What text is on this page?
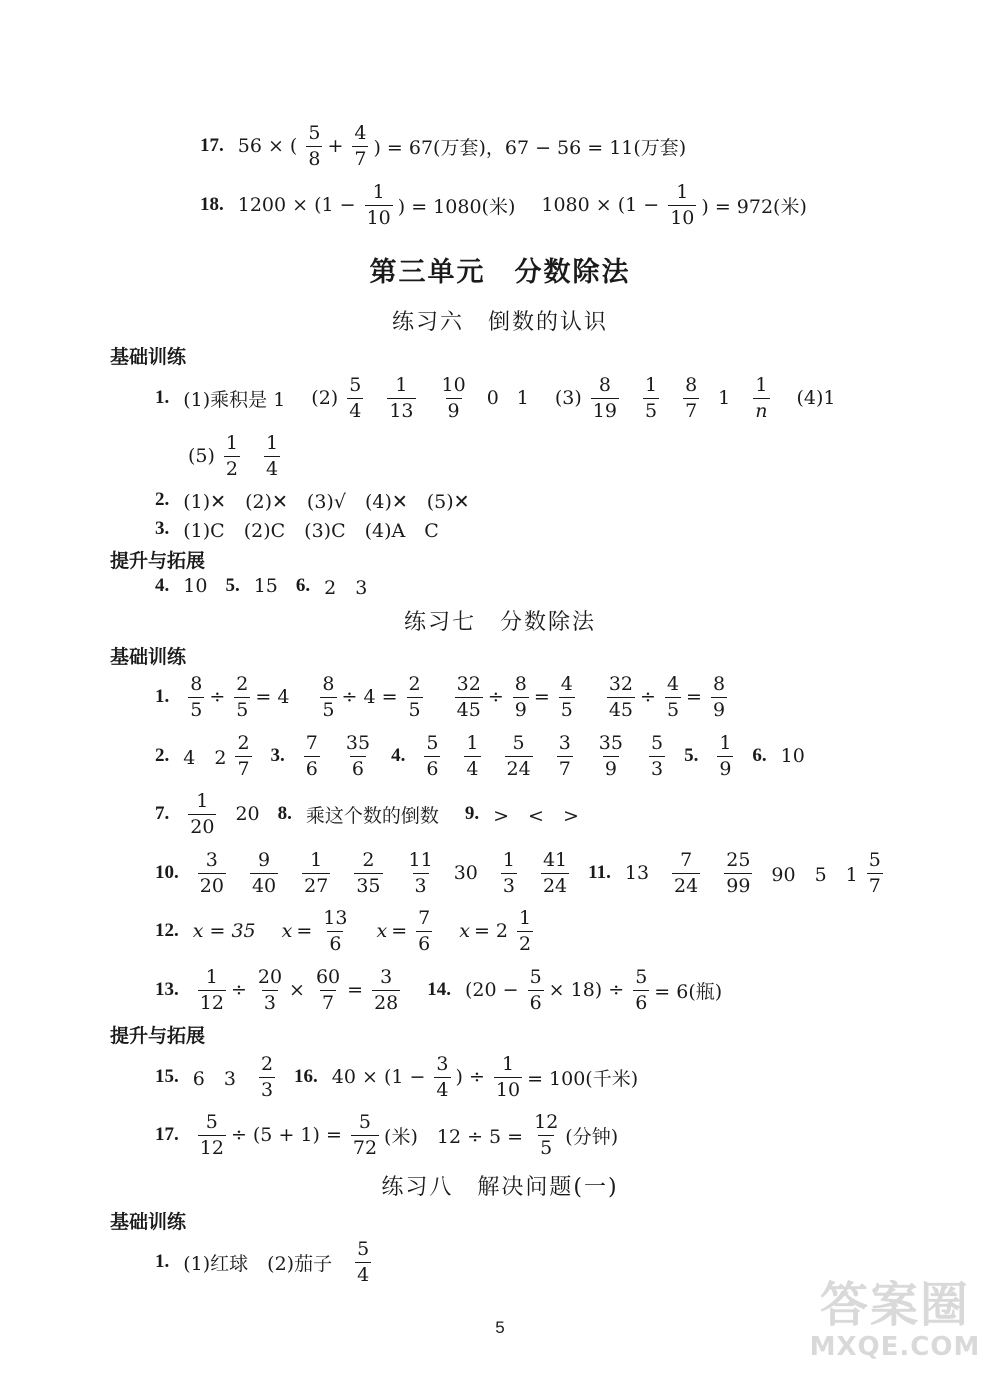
17. 56 × ( $\frac{5}{8} + \frac{4}{7}$ ) = 67(万套)，67 − 56 = 11(万套)
18. $1200 \times (1 - \frac{1}{10}$ ) = 1080(米) $1080 \times (1 - \frac{1}{10}$ ) = 972(米)
第三单元　分数除法
练习六　倒数的认识
基础训练
1. (1)乘积是 1 $(2) \frac{5}{4} \frac{1}{13} \frac{10}{9} 0$ 1 $(3) \frac{8}{19} \frac{1}{5} \frac{8}{7} 1 \frac{1}{n} (4)1$
$(5) \frac{1}{2} \frac{1}{4}$
2. (1)✕　(2)✕　(3)√　(4)✕　(5)✕
3. (1)C　(2)C　(3)C　(4)A　C
提升与拓展
4. 10 5. 15 6. 2　3
练习七　分数除法
基础训练
1. $\frac{8}{5} \div \frac{2}{5} = 4 \frac{8}{5} \div 4 = \frac{2}{5} \frac{32}{45} \div \frac{8}{9} = \frac{4}{5} \frac{32}{45} \div \frac{4}{5} = \frac{8}{9}$
2. 4　$2 \frac{2}{7} 3$. $\frac{7}{6} \frac{35}{6} 4$. $\frac{5}{6} \frac{1}{4} \frac{5}{24} \frac{3}{7} \frac{35}{9} \frac{5}{3} 5$. $\frac{1}{9} 6$. 10
7. $\frac{1}{20} 20$ 8. 乘这个数的倒数 9. >　<　>
10. $\frac{3}{20} \frac{9}{40} \frac{1}{27} \frac{2}{35} \frac{11}{3} 30 \frac{1}{3} \frac{41}{24} 11$. $13 \frac{7}{24} \frac{25}{99} 90$　5　$1 \frac{5}{7}$
12. x = 35 $x = \frac{13}{6}$ $x = \frac{7}{6}$ $x = 2 \frac{1}{2}$
13. $\frac{1}{12} \div \frac{20}{3} \times \frac{60}{7} = \frac{3}{28} 14$. $(20 - \frac{5}{6} \times 18) \div \frac{5}{6} = 6$(瓶)
提升与拓展
15. 6　$3 \frac{2}{3} 16$. $40 \times (1 - \frac{3}{4}$ ) ÷ $\frac{1}{10} = 100$(千米)
17. $\frac{5}{12} \div (5 + 1) = \frac{5}{72}$ (米)　$12 \div 5 = \frac{12}{5}$ (分钟)
练习八　解决问题(一)
基础训练
1. (1)红球　(2)茄子 $\frac{5}{4}$
5	答案圈
MXQE.COM
